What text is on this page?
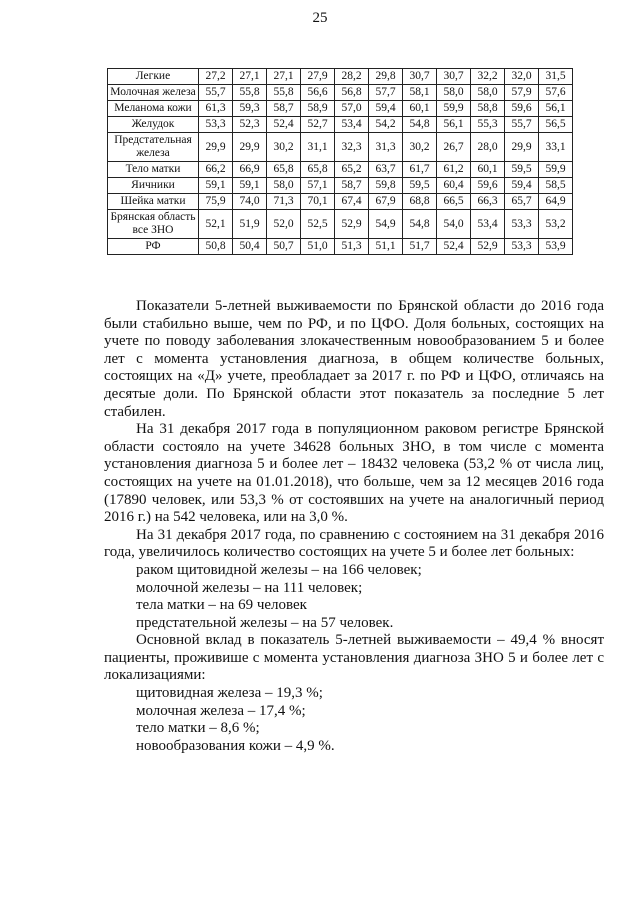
25
Легкие	27,2	27,1	27,1	27,9	28,2	29,8	30,7	30,7	32,2	32,0	31,5
Молочная железа	55,7	55,8	55,8	56,6	56,8	57,7	58,1	58,0	58,0	57,9	57,6
Меланома кожи	61,3	59,3	58,7	58,9	57,0	59,4	60,1	59,9	58,8	59,6	56,1
Желудок	53,3	52,3	52,4	52,7	53,4	54,2	54,8	56,1	55,3	55,7	56,5
Предстательная железа	29,9	29,9	30,2	31,1	32,3	31,3	30,2	26,7	28,0	29,9	33,1
Тело матки	66,2	66,9	65,8	65,8	65,2	63,7	61,7	61,2	60,1	59,5	59,9
Яичники	59,1	59,1	58,0	57,1	58,7	59,8	59,5	60,4	59,6	59,4	58,5
Шейка матки	75,9	74,0	71,3	70,1	67,4	67,9	68,8	66,5	66,3	65,7	64,9
Брянская область все ЗНО	52,1	51,9	52,0	52,5	52,9	54,9	54,8	54,0	53,4	53,3	53,2
РФ	50,8	50,4	50,7	51,0	51,3	51,1	51,7	52,4	52,9	53,3	53,9

Показатели 5-летней выживаемости по Брянской области до 2016 года были стабильно выше, чем по РФ, и по ЦФО. Доля больных, состоящих на учете по поводу заболевания злокачественным новообразованием 5 и более лет с момента установления диагноза, в общем количестве больных, состоящих на «Д» учете, преобладает за 2017 г. по РФ и ЦФО, отличаясь на десятые доли. По Брянской области этот показатель за последние 5 лет стабилен.

На 31 декабря 2017 года в популяционном раковом регистре Брянской области состояло на учете 34628 больных ЗНО, в том числе с момента установления диагноза 5 и более лет – 18432 человека (53,2 % от числа лиц, состоящих на учете на 01.01.2018), что больше, чем за 12 месяцев 2016 года (17890 человек, или 53,3 % от состоявших на учете на аналогичный период 2016 г.) на 542 человека, или на 3,0 %.

На 31 декабря 2017 года, по сравнению с состоянием на 31 декабря 2016 года, увеличилось количество состоящих на учете 5 и более лет больных:

раком щитовидной железы – на 166 человек;
молочной железы – на 111 человек;
тела матки – на 69 человек
предстательной железы – на 57 человек.

Основной вклад в показатель 5-летней выживаемости – 49,4 % вносят пациенты, проживише с момента установления диагноза ЗНО 5 и более лет с локализациями:

щитовидная железа – 19,3 %;
молочная железа – 17,4 %;
тело матки – 8,6 %;
новообразования кожи – 4,9 %.
